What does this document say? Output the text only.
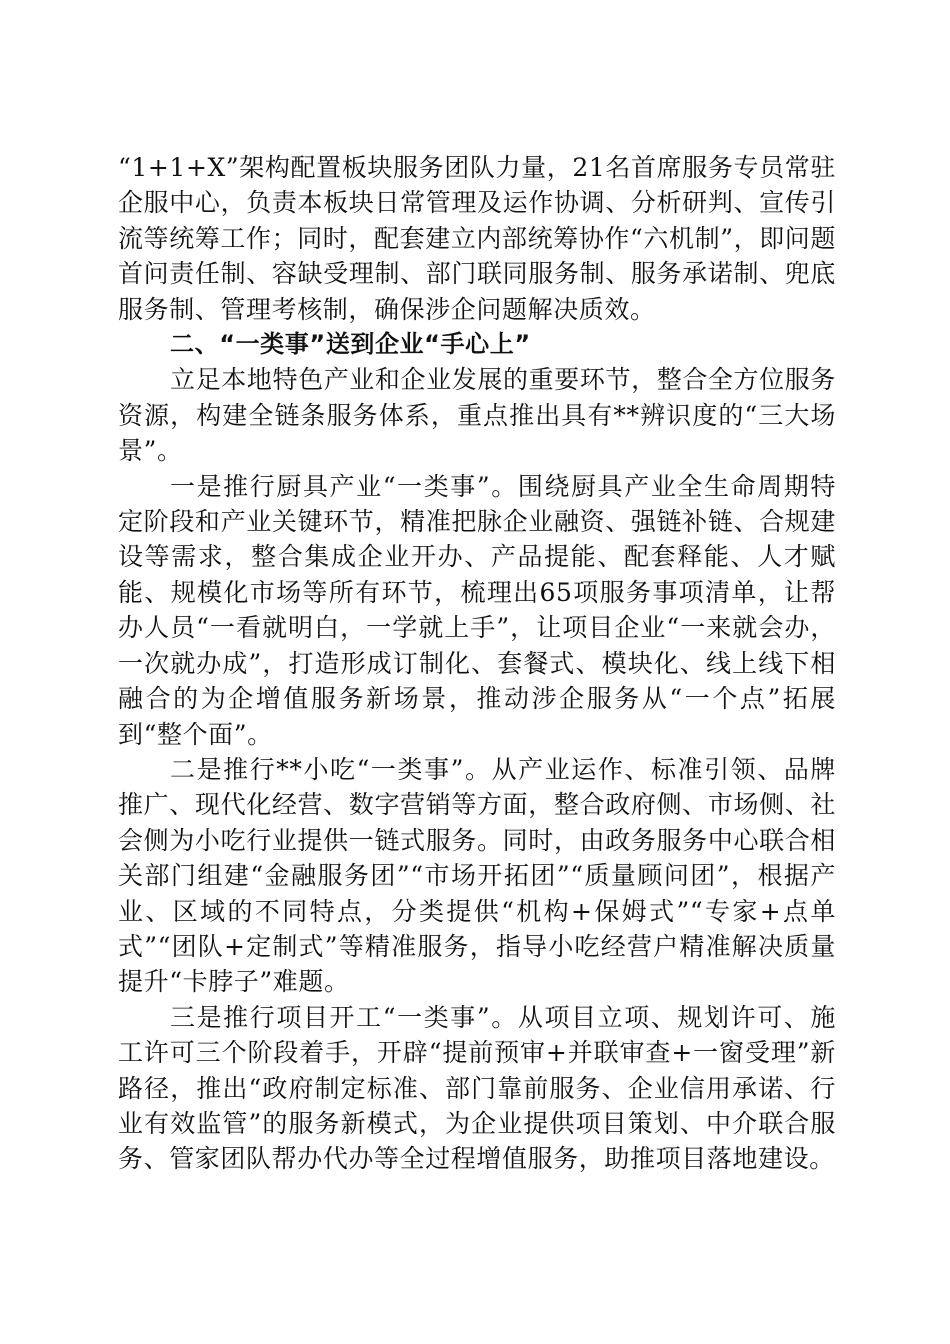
“1+1+X”架构配置板块服务团队力量，21名首席服务专员常驻企服中心，负责本板块日常管理及运作协调、分析研判、宣传引流等统筹工作；同时，配套建立内部统筹协作“六机制”，即问题首问责任制、容缺受理制、部门联同服务制、服务承诺制、兜底服务制、管理考核制，确保涉企问题解决质效。

二、“一类事”送到企业“手心上”

立足本地特色产业和企业发展的重要环节，整合全方位服务资源，构建全链条服务体系，重点推出具有**辨识度的“三大场景”。

一是推行厨具产业“一类事”。围绕厨具产业全生命周期特定阶段和产业关键环节，精准把脉企业融资、强链补链、合规建设等需求，整合集成企业开办、产品提能、配套释能、人才赋能、规模化市场等所有环节，梳理出65项服务事项清单，让帮办人员“一看就明白，一学就上手”，让项目企业“一来就会办，一次就办成”，打造形成订制化、套餐式、模块化、线上线下相融合的为企增值服务新场景，推动涉企服务从“一个点”拓展到“整个面”。

二是推行**小吃“一类事”。从产业运作、标准引领、品牌推广、现代化经营、数字营销等方面，整合政府侧、市场侧、社会侧为小吃行业提供一链式服务。同时，由政务服务中心联合相关部门组建“金融服务团”“市场开拓团”“质量顾问团”，根据产业、区域的不同特点，分类提供“机构+保姆式”“专家+点单式”“团队+定制式”等精准服务，指导小吃经营户精准解决质量提升“卡脖子”难题。

三是推行项目开工“一类事”。从项目立项、规划许可、施工许可三个阶段着手，开辟“提前预审+并联审查+一窗受理”新路径，推出“政府制定标准、部门靠前服务、企业信用承诺、行业有效监管”的服务新模式，为企业提供项目策划、中介联合服务、管家团队帮办代办等全过程增值服务，助推项目落地建设。
